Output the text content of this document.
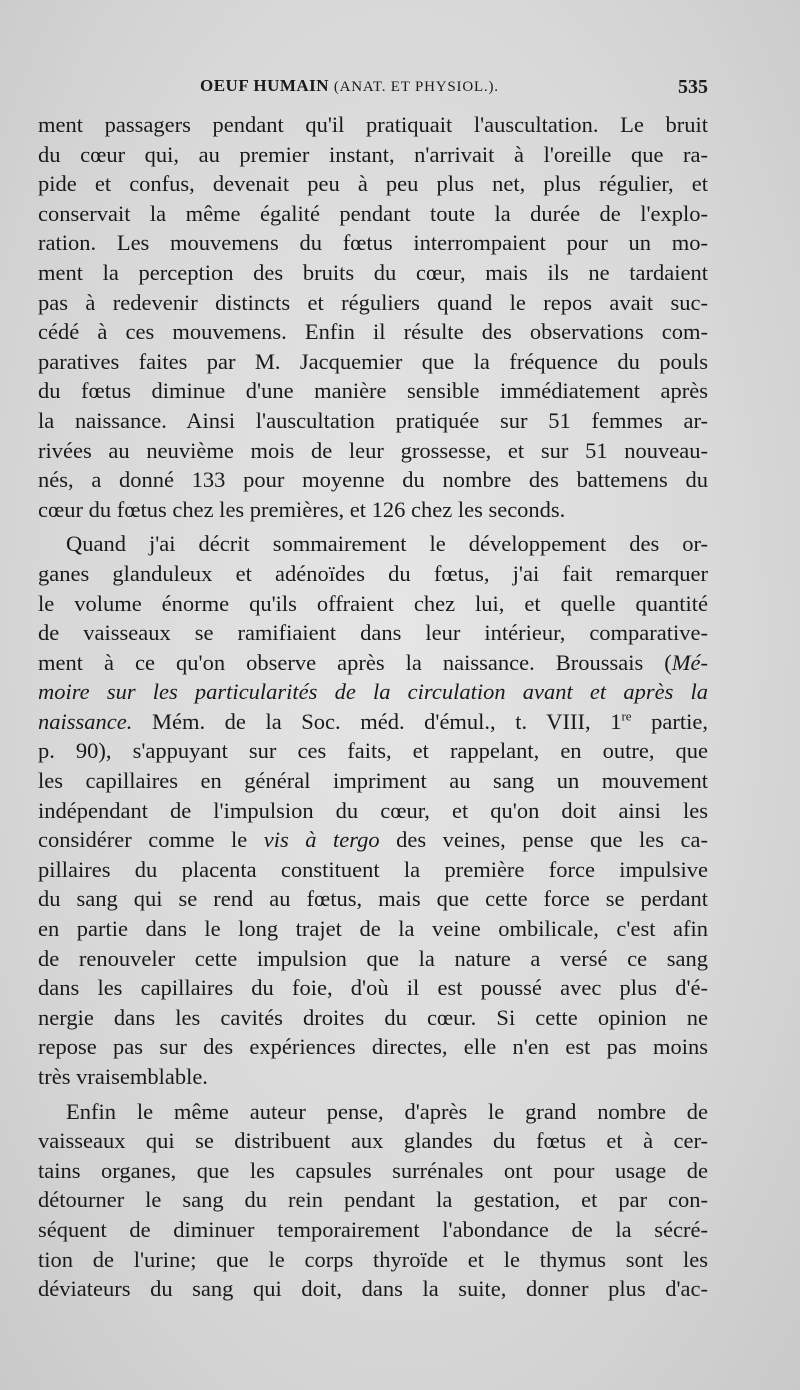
OEUF HUMAIN (ANAT. ET PHYSIOL.).	535
ment passagers pendant qu'il pratiquait l'auscultation. Le bruit
du cœur qui, au premier instant, n'arrivait à l'oreille que ra-
pide et confus, devenait peu à peu plus net, plus régulier, et
conservait la même égalité pendant toute la durée de l'explo-
ration. Les mouvemens du fœtus interrompaient pour un mo-
ment la perception des bruits du cœur, mais ils ne tardaient
pas à redevenir distincts et réguliers quand le repos avait suc-
cédé à ces mouvemens. Enfin il résulte des observations com-
paratives faites par M. Jacquemier que la fréquence du pouls
du fœtus diminue d'une manière sensible immédiatement après
la naissance. Ainsi l'auscultation pratiquée sur 51 femmes ar-
rivées au neuvième mois de leur grossesse, et sur 51 nouveau-
nés, a donné 133 pour moyenne du nombre des battemens du
cœur du fœtus chez les premières, et 126 chez les seconds.
Quand j'ai décrit sommairement le développement des or-
ganes glanduleux et adénoïdes du fœtus, j'ai fait remarquer
le volume énorme qu'ils offraient chez lui, et quelle quantité
de vaisseaux se ramifiaient dans leur intérieur, comparative-
ment à ce qu'on observe après la naissance. Broussais (Mé-
moire sur les particularités de la circulation avant et après la
naissance. Mém. de la Soc. méd. d'émul., t. VIII, 1re partie,
p. 90), s'appuyant sur ces faits, et rappelant, en outre, que
les capillaires en général impriment au sang un mouvement
indépendant de l'impulsion du cœur, et qu'on doit ainsi les
considérer comme le vis à tergo des veines, pense que les ca-
pillaires du placenta constituent la première force impulsive
du sang qui se rend au fœtus, mais que cette force se perdant
en partie dans le long trajet de la veine ombilicale, c'est afin
de renouveler cette impulsion que la nature a versé ce sang
dans les capillaires du foie, d'où il est poussé avec plus d'é-
nergie dans les cavités droites du cœur. Si cette opinion ne
repose pas sur des expériences directes, elle n'en est pas moins
très vraisemblable.
Enfin le même auteur pense, d'après le grand nombre de
vaisseaux qui se distribuent aux glandes du fœtus et à cer-
tains organes, que les capsules surrénales ont pour usage de
détourner le sang du rein pendant la gestation, et par con-
séquent de diminuer temporairement l'abondance de la sécré-
tion de l'urine; que le corps thyroïde et le thymus sont les
déviateurs du sang qui doit, dans la suite, donner plus d'ac-
